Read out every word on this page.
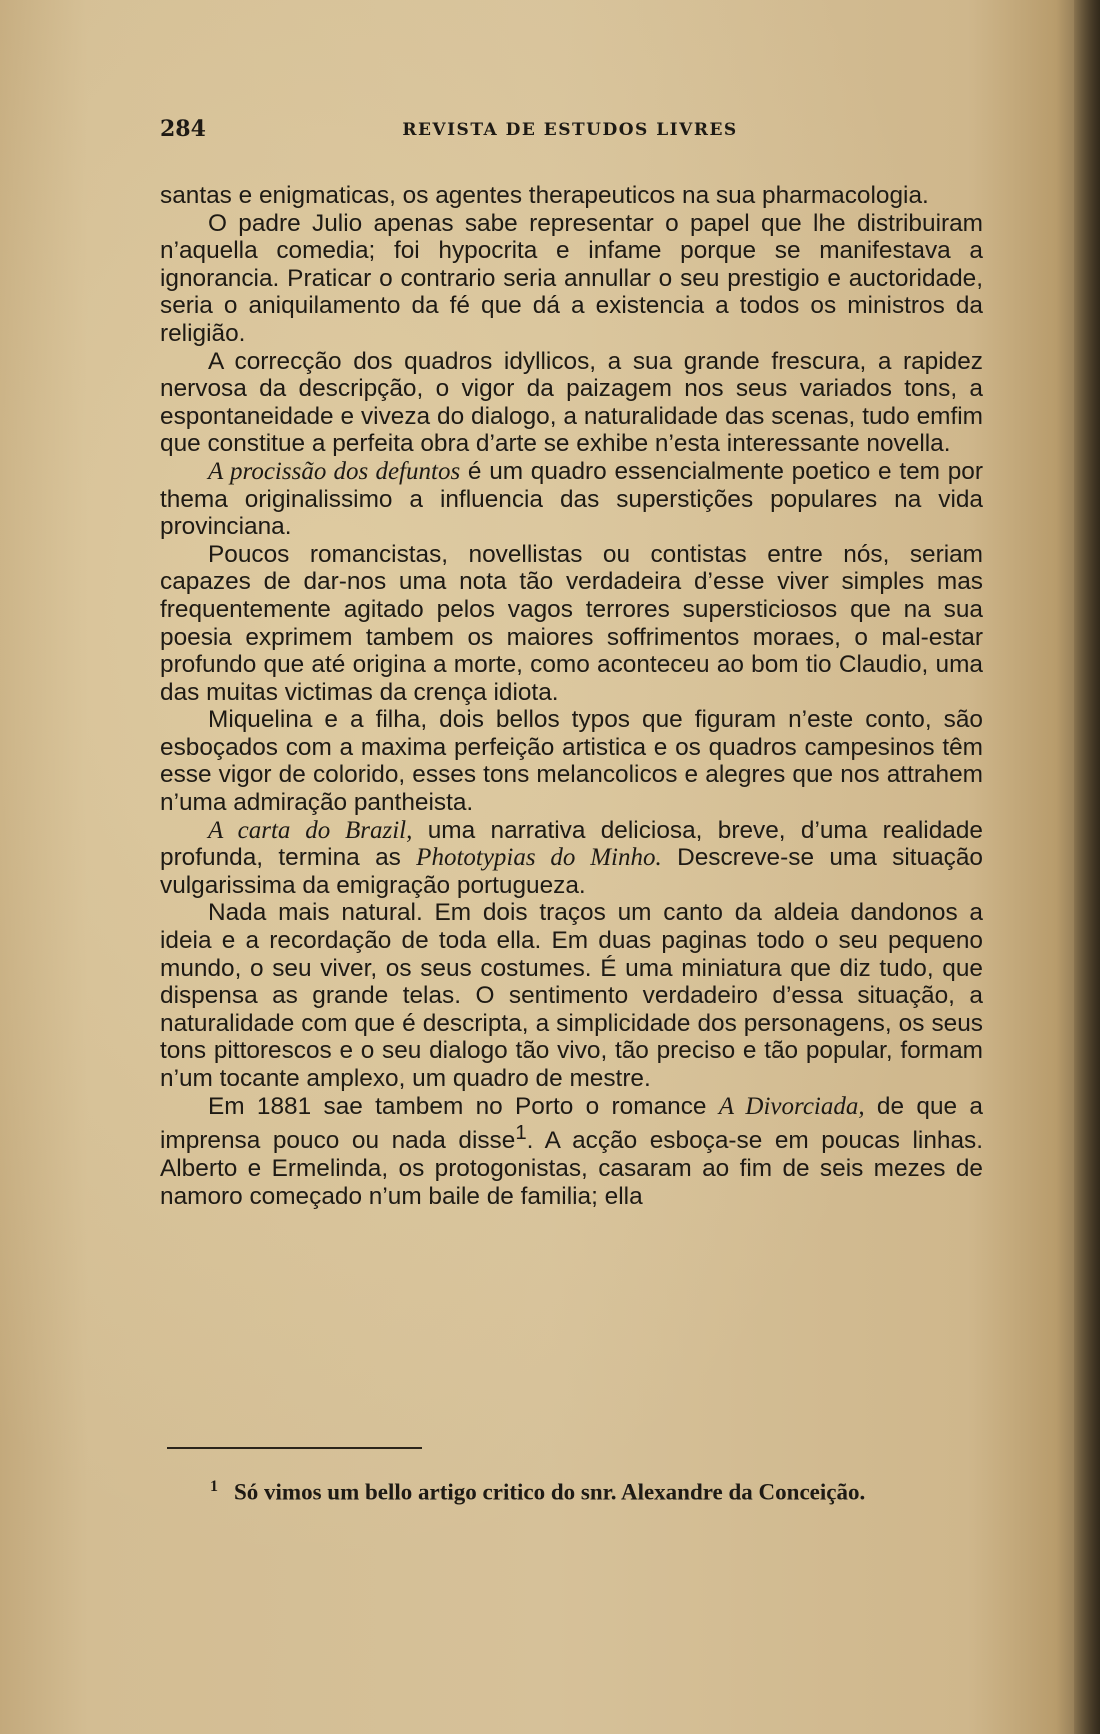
284	REVISTA DE ESTUDOS LIVRES

santas e enigmaticas, os agentes therapeuticos na sua pharmacologia.

O padre Julio apenas sabe representar o papel que lhe distribuiram n’aquella comedia; foi hypocrita e infame porque se manifestava a ignorancia. Praticar o contrario seria annullar o seu prestigio e auctoridade, seria o aniquilamento da fé que dá a existencia a todos os ministros da religião.

A correcção dos quadros idyllicos, a sua grande frescura, a rapidez nervosa da descripção, o vigor da paizagem nos seus variados tons, a espontaneidade e viveza do dialogo, a naturalidade das scenas, tudo emfim que constitue a perfeita obra d’arte se exhibe n’esta interessante novella.

A procissão dos defuntos é um quadro essencialmente poetico e tem por thema originalissimo a influencia das superstições populares na vida provinciana.

Poucos romancistas, novellistas ou contistas entre nós, seriam capazes de dar-nos uma nota tão verdadeira d’esse viver simples mas frequentemente agitado pelos vagos terrores supersticiosos que na sua poesia exprimem tambem os maiores soffrimentos moraes, o mal-estar profundo que até origina a morte, como aconteceu ao bom tio Claudio, uma das muitas victimas da crença idiota.

Miquelina e a filha, dois bellos typos que figuram n’este conto, são esboçados com a maxima perfeição artistica e os quadros campesinos têm esse vigor de colorido, esses tons melancolicos e alegres que nos attrahem n’uma admiração pantheista.

A carta do Brazil, uma narrativa deliciosa, breve, d’uma realidade profunda, termina as Phototypias do Minho. Descreve-se uma situação vulgarissima da emigração portugueza.

Nada mais natural. Em dois traços um canto da aldeia dandonos a ideia e a recordação de toda ella. Em duas paginas todo o seu pequeno mundo, o seu viver, os seus costumes. É uma miniatura que diz tudo, que dispensa as grande telas. O sentimento verdadeiro d’essa situação, a naturalidade com que é descripta, a simplicidade dos personagens, os seus tons pittorescos e o seu dialogo tão vivo, tão preciso e tão popular, formam n’um tocante amplexo, um quadro de mestre.

Em 1881 sae tambem no Porto o romance A Divorciada, de que a imprensa pouco ou nada disse$^1$. A acção esboça-se em poucas linhas. Alberto e Ermelinda, os protogonistas, casaram ao fim de seis mezes de namoro começado n’um baile de familia; ella

$^1$ Só vimos um bello artigo critico do snr. Alexandre da Conceição.
